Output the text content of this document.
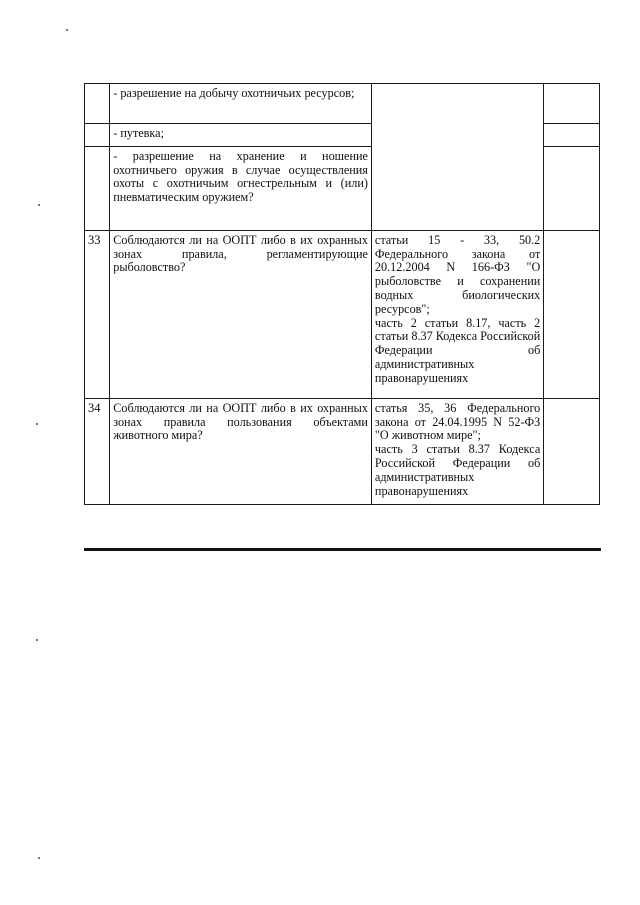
	- разрешение на добычу охотничьих ресурсов;		
	- путевка;		
	- разрешение на хранение и ношение охотничьего оружия в случае осуществления охоты с охотничьим огнестрельным и (или) пневматическим оружием?		
33	Соблюдаются ли на ООПТ либо в их охранных зонах правила, регламентирующие рыболовство?	статьи 15 - 33, 50.2 Федерального закона от 20.12.2004 N 166-ФЗ "О рыболовстве и сохранении водных биологических ресурсов";

часть 2 статьи 8.17, часть 2 статьи 8.37 Кодекса Российской Федерации об административных правонарушениях	

34	Соблюдаются ли на ООПТ либо в их охранных зонах правила пользования объектами животного мира?	статья 35, 36 Федерального закона от 24.04.1995 N 52-ФЗ "О животном мире";

часть 3 статьи 8.37 Кодекса Российской Федерации об административных правонарушениях	
